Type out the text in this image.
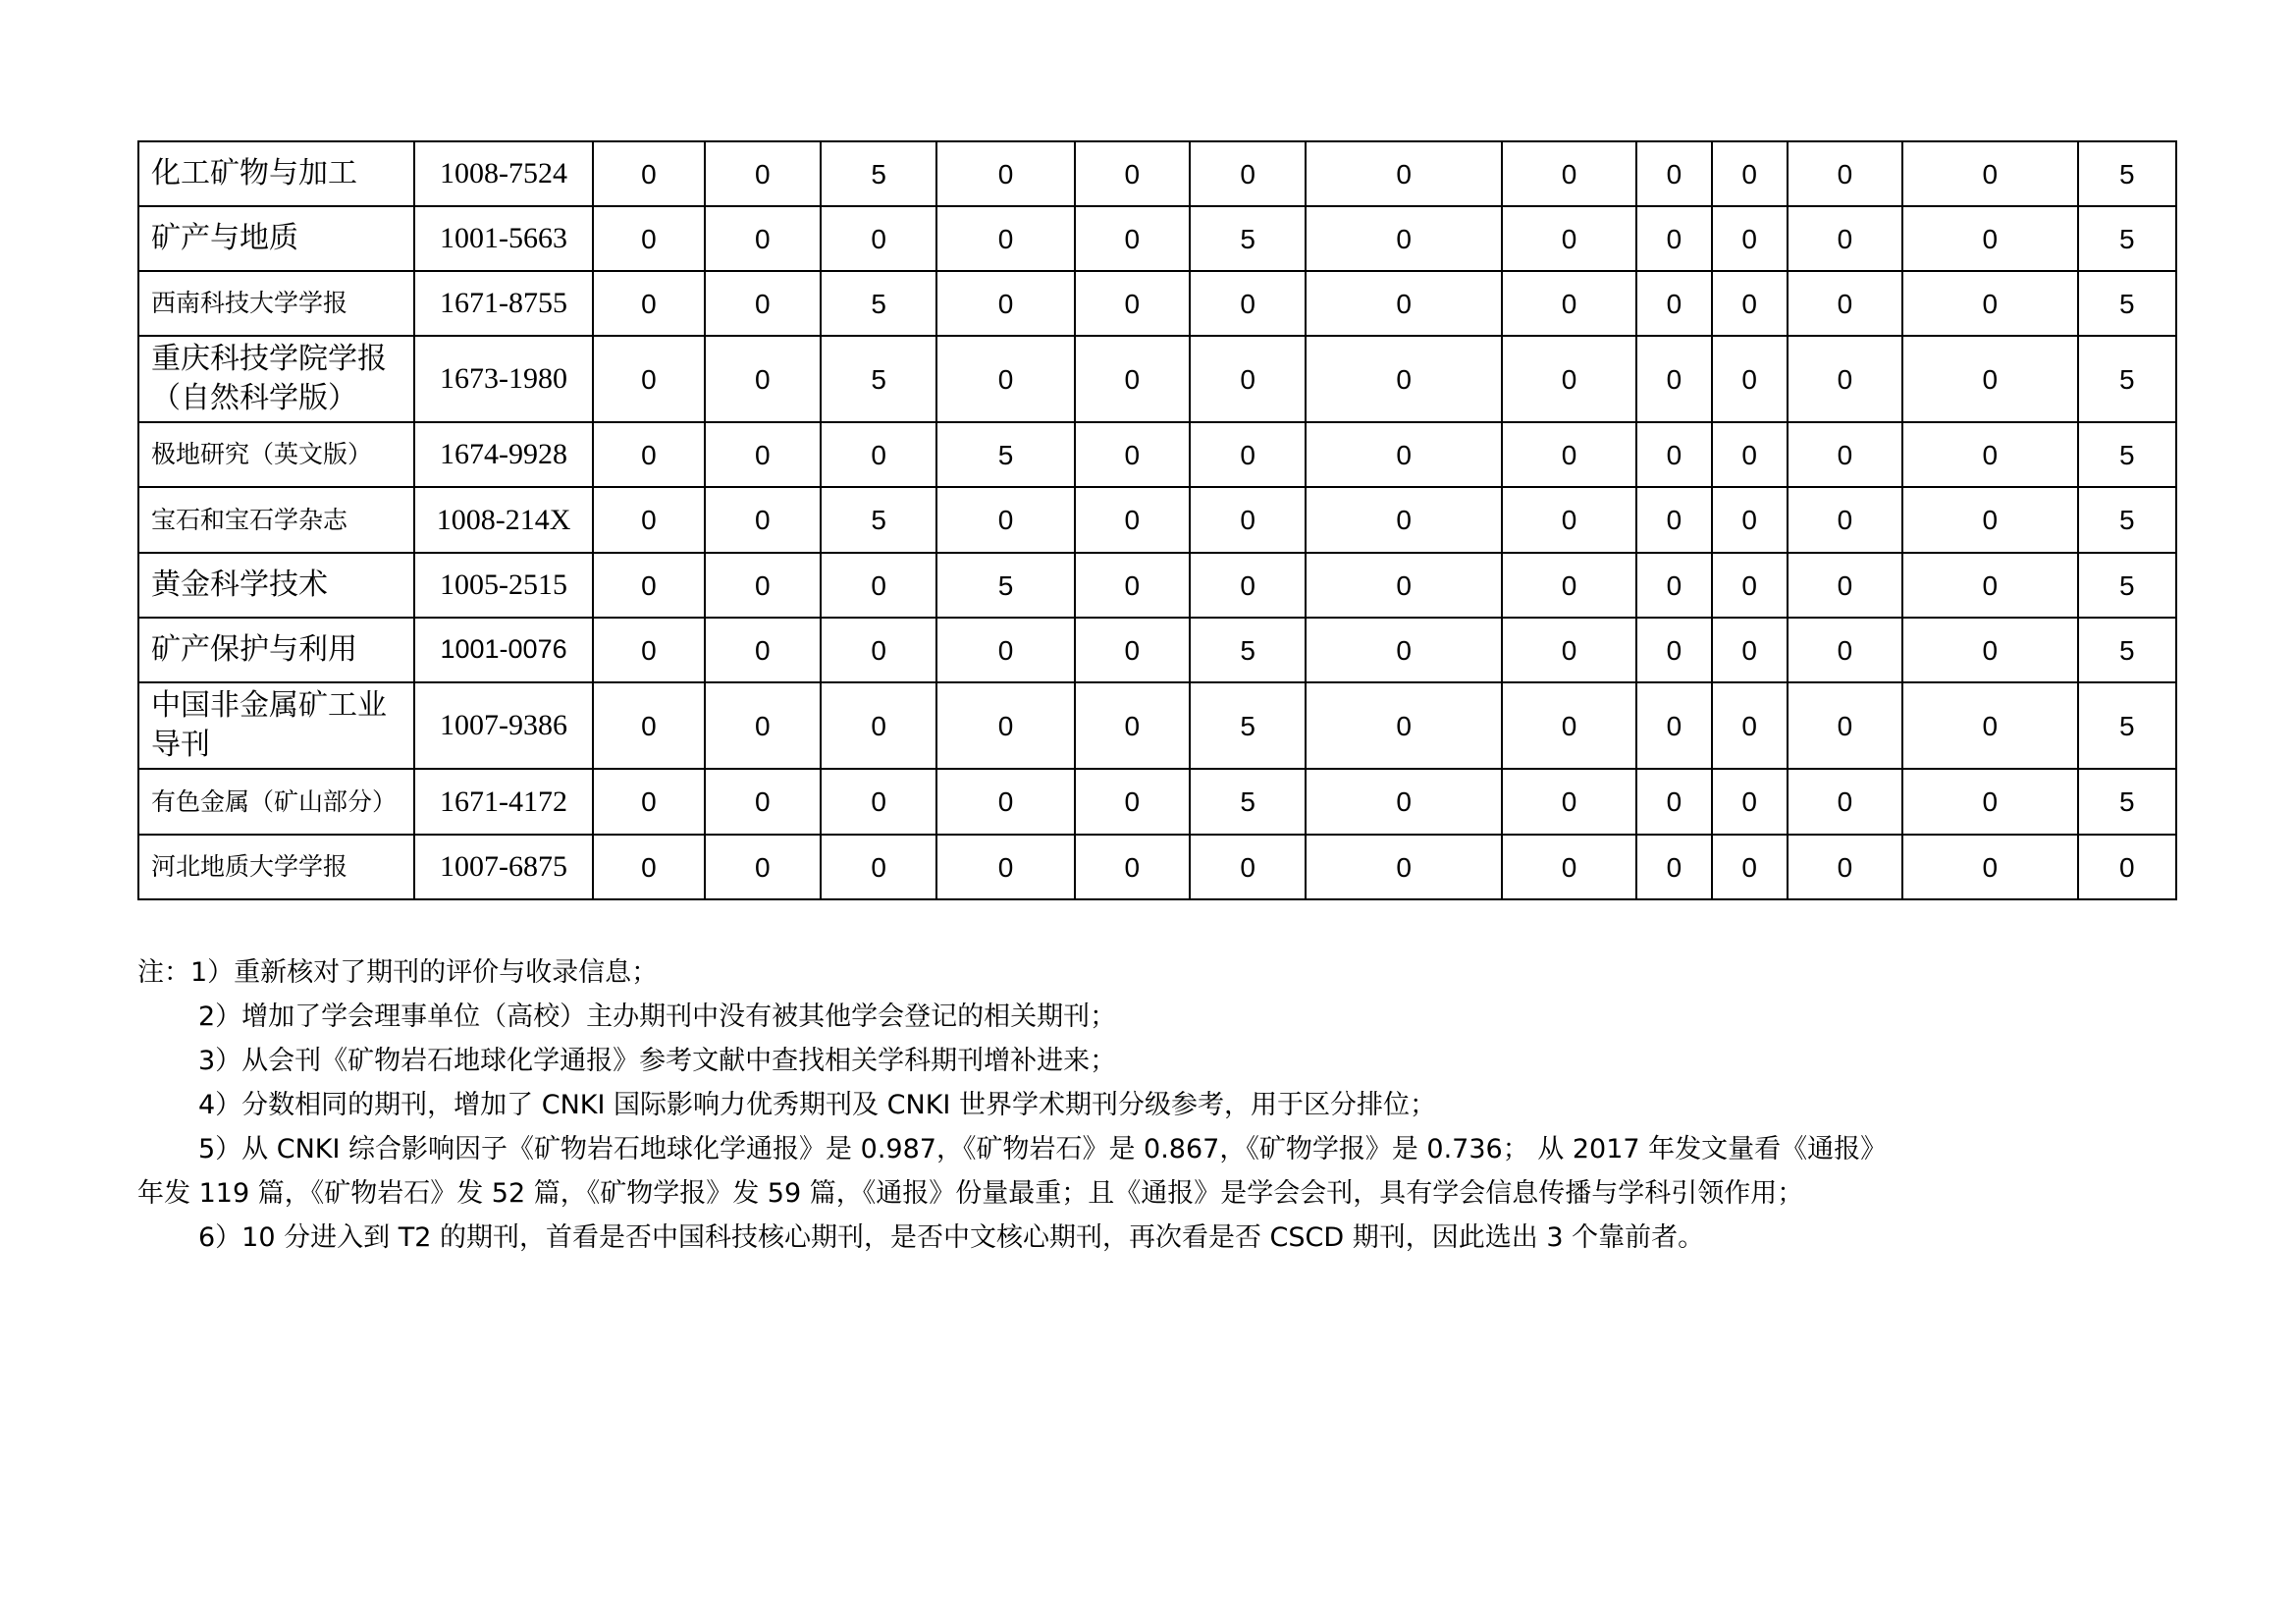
化工矿物与加工	1008-7524	0	0	5	0	0	0	0	0	0	0	0	0	5
矿产与地质	1001-5663	0	0	0	0	0	5	0	0	0	0	0	0	5
西南科技大学学报	1671-8755	0	0	5	0	0	0	0	0	0	0	0	0	5
重庆科技学院学报（自然科学版）	1673-1980	0	0	5	0	0	0	0	0	0	0	0	0	5
极地研究（英文版）	1674-9928	0	0	0	5	0	0	0	0	0	0	0	0	5
宝石和宝石学杂志	1008-214X	0	0	5	0	0	0	0	0	0	0	0	0	5
黄金科学技术	1005-2515	0	0	0	5	0	0	0	0	0	0	0	0	5
矿产保护与利用	1001-0076	0	0	0	0	0	5	0	0	0	0	0	0	5
中国非金属矿工业导刊	1007-9386	0	0	0	0	0	5	0	0	0	0	0	0	5
有色金属（矿山部分）	1671-4172	0	0	0	0	0	5	0	0	0	0	0	0	5
河北地质大学学报	1007-6875	0	0	0	0	0	0	0	0	0	0	0	0	0
注：1）重新核对了期刊的评价与收录信息；
2）增加了学会理事单位（高校）主办期刊中没有被其他学会登记的相关期刊；
3）从会刊《矿物岩石地球化学通报》参考文献中查找相关学科期刊增补进来；
4）分数相同的期刊，增加了 CNKI 国际影响力优秀期刊及 CNKI 世界学术期刊分级参考，用于区分排位；
5）从 CNKI 综合影响因子《矿物岩石地球化学通报》是 0.987，《矿物岩石》是 0.867，《矿物学报》是 0.736； 从 2017 年发文量看《通报》
年发 119 篇，《矿物岩石》发 52 篇，《矿物学报》发 59 篇，《通报》份量最重；且《通报》是学会会刊，具有学会信息传播与学科引领作用；
6）10 分进入到 T2 的期刊，首看是否中国科技核心期刊，是否中文核心期刊，再次看是否 CSCD 期刊，因此选出 3 个靠前者。
